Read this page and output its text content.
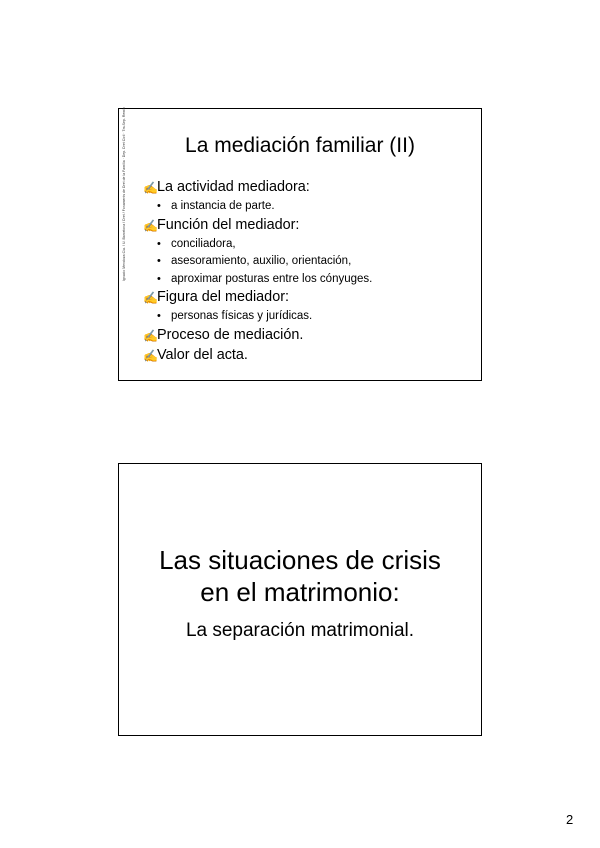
La mediación familiar (II)
Ignacio Mendoza Cía. / U. Barcelona / Dret / Fonaments de Dret de la Família · Dep. Dret Civil · Tm-Sep. Remin ✍ La actividad mediadora:
• a instancia de parte.
✍ Función del mediador:
• conciliadora,
• asesoramiento, auxilio, orientación,
• aproximar posturas entre los cónyuges.
✍ Figura del mediador:
• personas físicas y jurídicas.
✍ Proceso de mediación.
✍ Valor del acta.
Las situaciones de crisis
en el matrimonio:
La separación matrimonial.
2
